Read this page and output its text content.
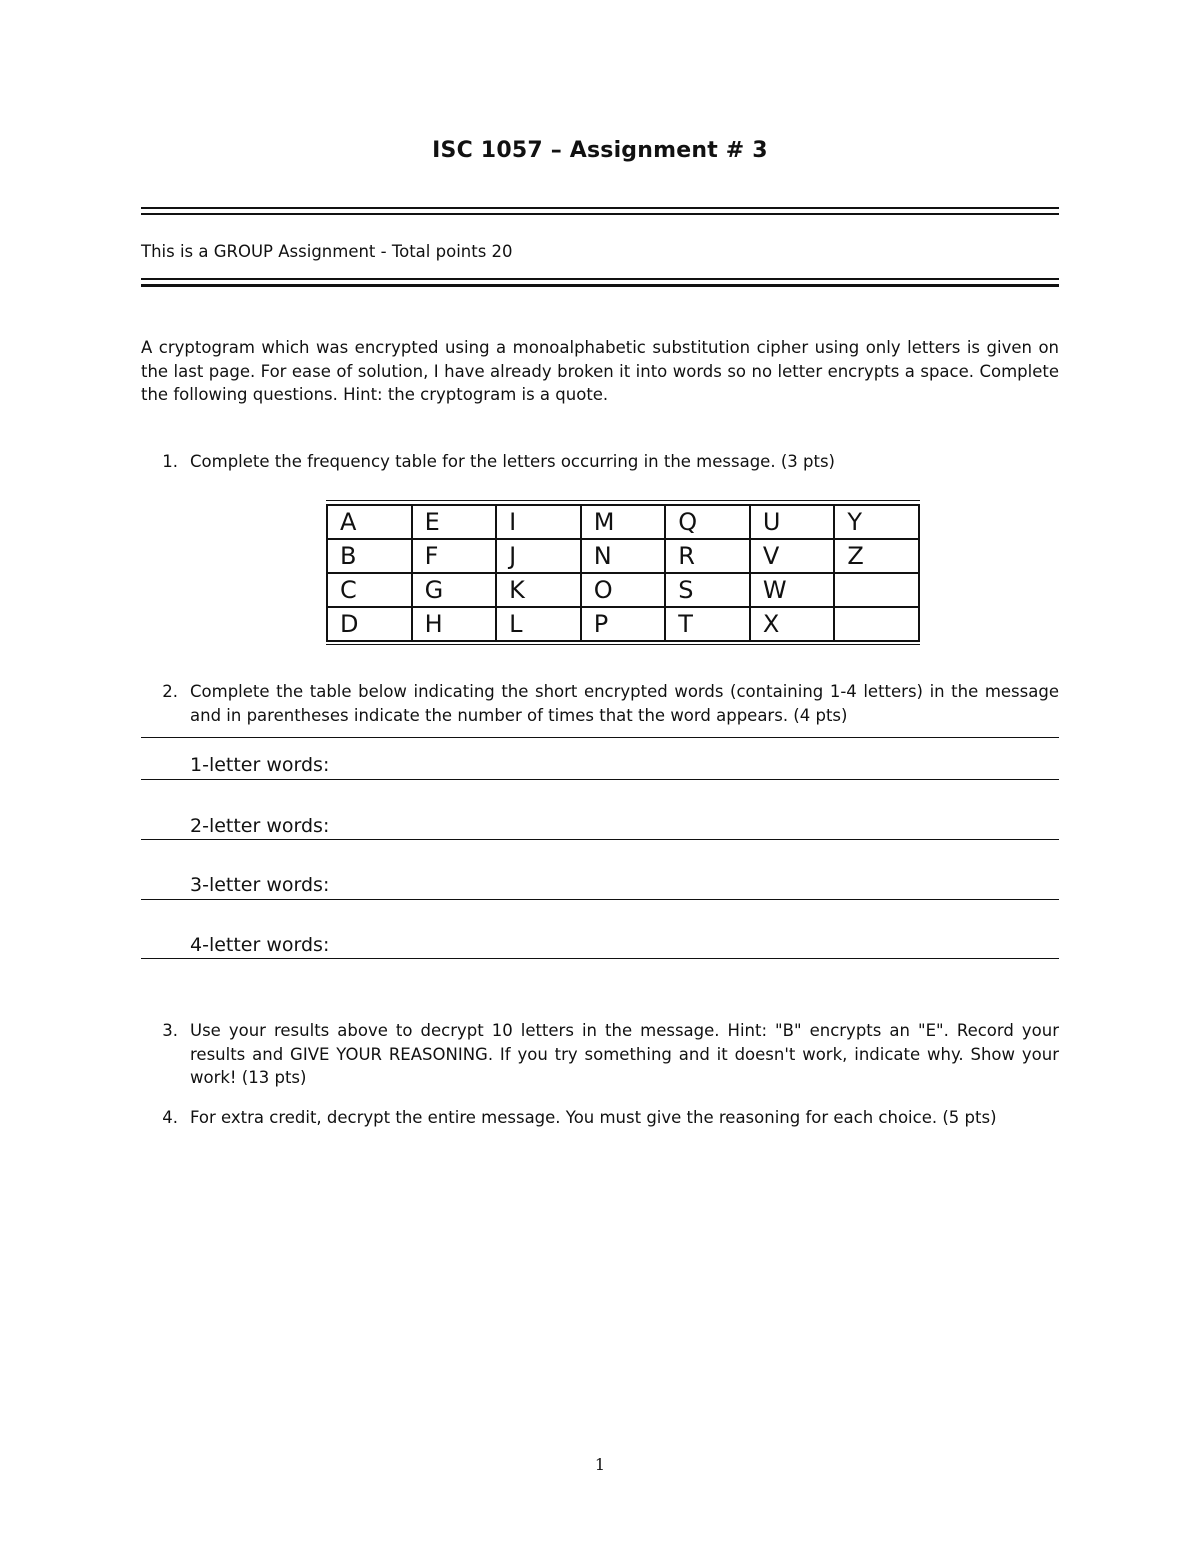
ISC 1057 – Assignment # 3
This is a GROUP Assignment - Total points 20
A cryptogram which was encrypted using a monoalphabetic substitution cipher using only letters is given on the last page. For ease of solution, I have already broken it into words so no letter encrypts a space. Complete the following questions. Hint: the cryptogram is a quote.
1. Complete the frequency table for the letters occurring in the message. (3 pts)
A	E	I	M	Q	U	Y
B	F	J	N	R	V	Z
C	G	K	O	S	W	
D	H	L	P	T	X	
2. Complete the table below indicating the short encrypted words (containing 1-4 letters) in the message and in parentheses indicate the number of times that the word appears. (4 pts)
1-letter words:
2-letter words:
3-letter words:
4-letter words:
3. Use your results above to decrypt 10 letters in the message. Hint: "B" encrypts an "E". Record your results and GIVE YOUR REASONING. If you try something and it doesn't work, indicate why. Show your work! (13 pts)
4. For extra credit, decrypt the entire message. You must give the reasoning for each choice. (5 pts)
1
